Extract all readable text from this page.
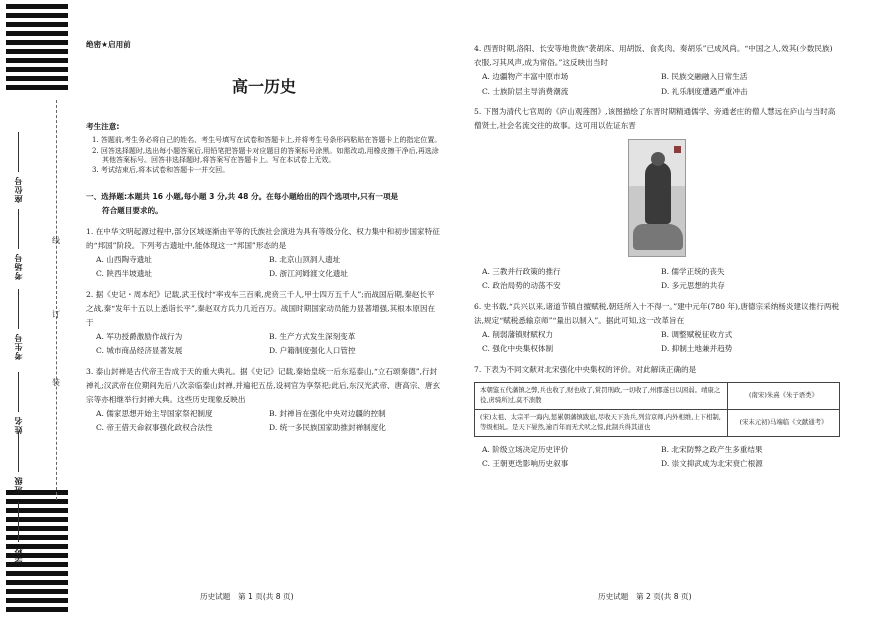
座位号
考场号
考生号
姓名
班级
学校
线
订
装
绝密★启用前
高一历史
考生注意:
1. 答题前,考生务必将自己的姓名、考生号填写在试卷和答题卡上,并将考生号条形码粘贴在答题卡上的指定位置。
2. 回答选择题时,选出每小题答案后,用铅笔把答题卡对应题目的答案标号涂黑。如需改动,用橡皮擦干净后,再选涂其他答案标号。回答非选择题时,将答案写在答题卡上。写在本试卷上无效。
3. 考试结束后,将本试卷和答题卡一并交回。
一、选择题:本题共 16 小题,每小题 3 分,共 48 分。在每小题给出的四个选项中,只有一项是
符合题目要求的。
1. 在中华文明起源过程中,部分区域逐渐由平等的氏族社会演进为具有等级分化、权力集中和初步国家特征的“邦国”阶段。下列考古遗址中,能体现这一“邦国”形态的是
A. 山西陶寺遗址	B. 北京山顶洞人遗址
C. 陕西半坡遗址	D. 浙江河姆渡文化遗址
2. 据《史记・周本纪》记载,武王伐纣“率戎车三百乘,虎贲三千人,甲士四万五千人”;而战国后期,秦赵长平之战,秦“发年十五以上悉诣长平”,秦赵双方兵力几近百万。战国时期国家动员能力显著增强,其根本原因在于
A. 军功授爵激励作战行为	B. 生产方式发生深刻变革
C. 城市商品经济显著发展	D. 户籍制度强化人口管控
3. 泰山封禅是古代帝王告成于天的重大典礼。据《史记》记载,秦始皇统一后东巡泰山,“立石颂秦德”,行封禅礼;汉武帝在位期间先后八次亲临泰山封禅,并遍祀五岳,设祠官为享祭祀;此后,东汉光武帝、唐高宗、唐玄宗等亦相继举行封禅大典。这些历史现象反映出
A. 儒家思想开始主导国家祭祀制度	B. 封禅旨在强化中央对边疆的控制
C. 帝王借天命叙事强化政权合法性	D. 统一多民族国家助推封禅制度化
4. 西晋时期,洛阳、长安等地贵族“袭胡床、用胡饭、食炙肉、奏胡乐”已成风尚。“中国之人,效其(少数民族)衣服,习其风声,成为常俗。”这反映出当时
A. 边疆物产丰富中原市场	B. 民族交融融入日常生活
C. 士族阶层主导消费潮流	D. 礼乐制度遭遇严重冲击
5. 下图为清代七官周的《庐山观莲图》,该图描绘了东晋时期精通儒学、旁通老庄的僧人慧远在庐山与当时高僧贤士,社会名流交往的故事。这可用以佐证东晋
A. 三教并行政策的推行	B. 儒学正统的丧失
C. 政治局势的动荡不安	D. 多元思想的共存
6. 史书载,“兵兴以来,诸道节镇自擅赋税,朝廷所入十不得一。”建中元年(780 年),唐德宗采纳杨炎建议推行两税法,规定“赋税悉输京师”“量出以制入”。据此可知,这一改革旨在
A. 削弱藩镇财赋权力	B. 调整赋税征收方式
C. 强化中央集权体制	D. 抑制土地兼并趋势
7. 下表为不同文献对北宋强化中央集权的评价。对此解读正确的是
本朝鉴五代藩镇之弊,兵也收了,财也收了,赏罚刑政,一切收了,州郡遂日以困弱。靖康之役,虏骑所过,莫不溃散	(南宋)朱熹《朱子语类》
(宋)太祖、太宗平一海内,惩累朝藩镇跋扈,尽收天下劲兵,列营京师,内外相维,上下相制,等级相轧。是天下晏然,逾百年而无犬吠之惊,此制兵得其道也	(宋末元初)马端临《文献通考》
A. 阶级立场决定历史评价	B. 北宋防弊之政产生多重结果
C. 王朝更迭影响历史叙事	D. 崇文抑武成为北宋衰亡根源
历史试题　第 1 页(共 8 页)	历史试题　第 2 页(共 8 页)
